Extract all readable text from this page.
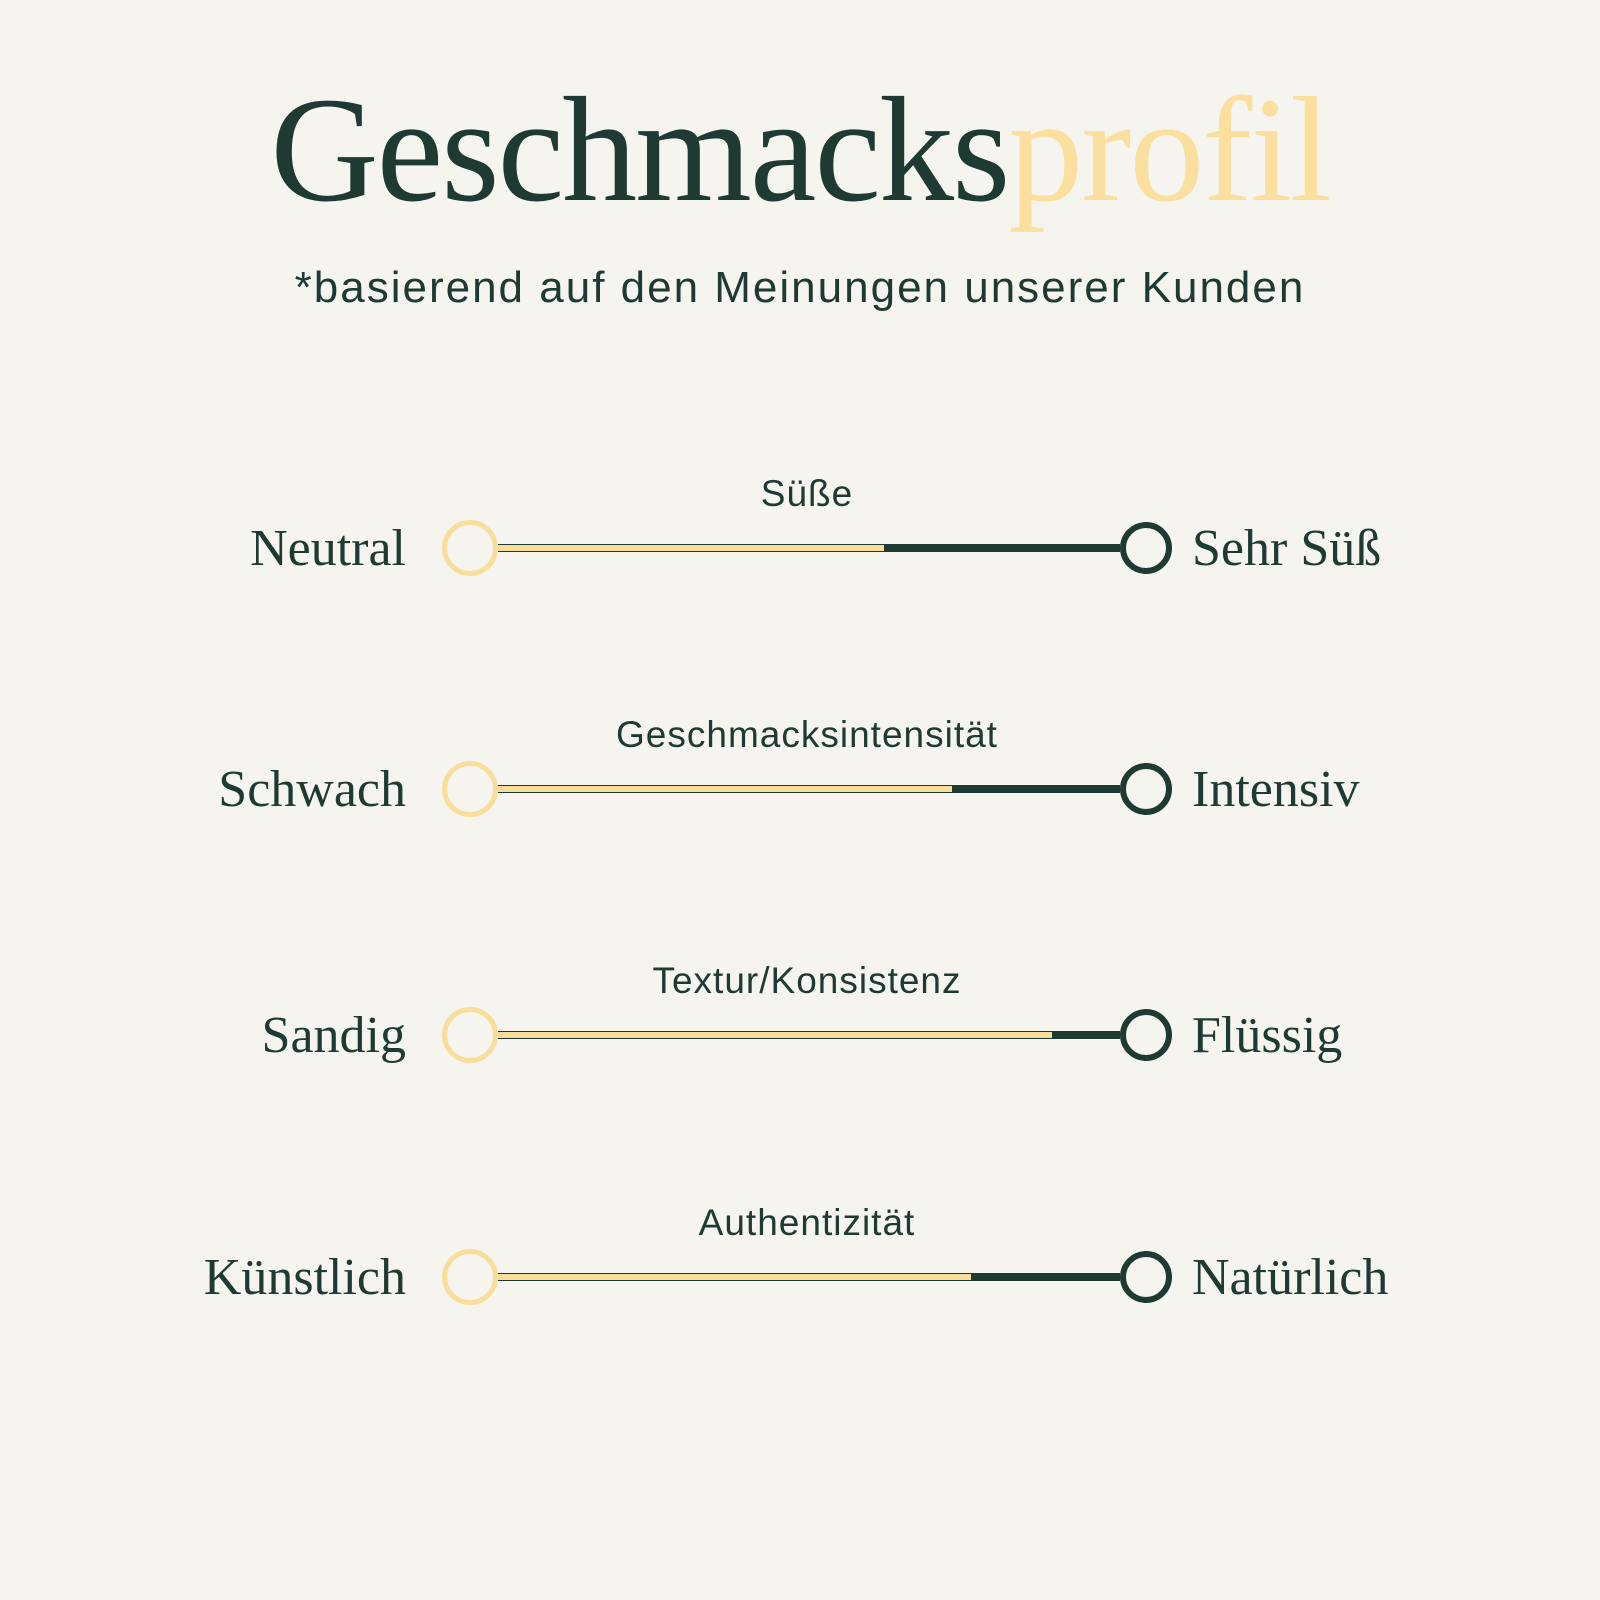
Geschmacksprofil

*basierend auf den Meinungen unserer Kunden

Süße
Neutral	Sehr Süß
Geschmacksintensität
Schwach	Intensiv
Textur/Konsistenz
Sandig	Flüssig
Authentizität
Künstlich	Natürlich
